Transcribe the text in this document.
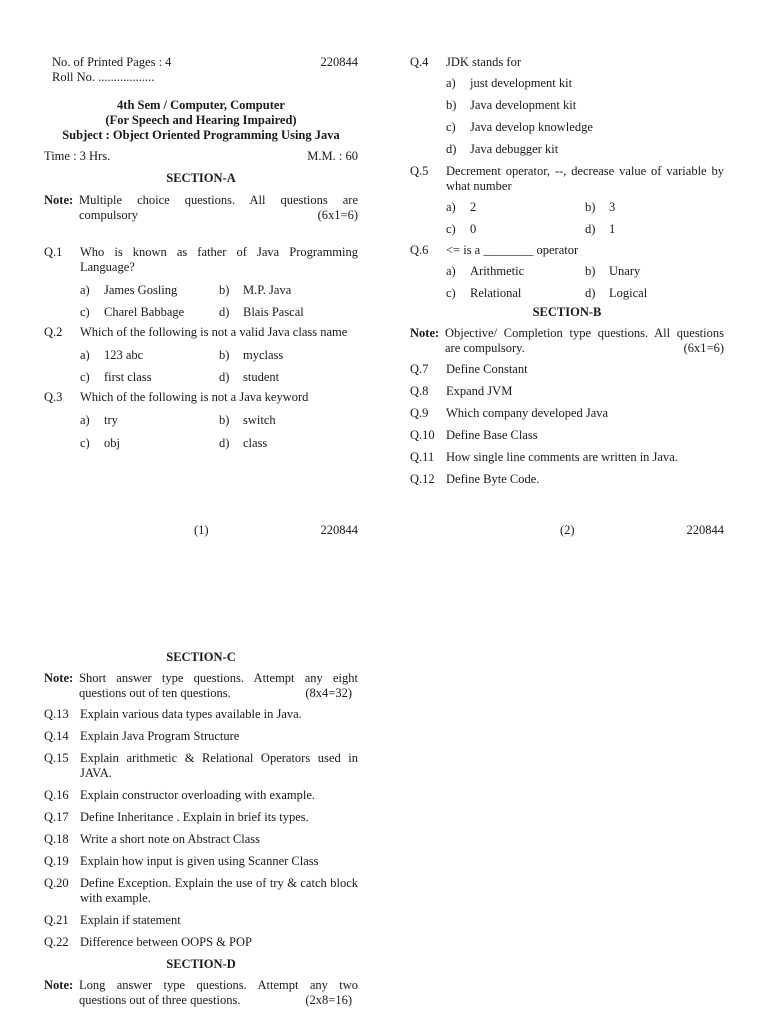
No. of Printed Pages : 4
Roll No. ..................
220844
4th Sem / Computer, Computer
(For Speech and Hearing Impaired)
Subject : Object Oriented Programming Using Java
Time : 3 Hrs.	M.M. : 60
SECTION-A
Note: Multiple choice questions. All questions are compulsory	(6x1=6)
Q.1	Who is known as father of Java Programming Language?
a)	James Gosling	b)	M.P. Java
c)	Charel Babbage	d)	Blais Pascal
Q.2	Which of the following is not a valid Java class name
a)	123 abc	b)	myclass
c)	first class	d)	student
Q.3	Which of the following is not a Java keyword
a)	try	b)	switch
c)	obj	d)	class
(1)	220844
Q.4	JDK stands for
a)	just development kit
b)	Java development kit
c)	Java develop knowledge
d)	Java debugger kit
Q.5	Decrement operator, --, decrease value of variable by what number
a)	2	b)	3
c)	0	d)	1
Q.6	<= is a ________ operator
a)	Arithmetic	b)	Unary
c)	Relational	d)	Logical
SECTION-B
Note: Objective/ Completion type questions. All questions are compulsory.	(6x1=6)
Q.7	Define Constant
Q.8	Expand JVM
Q.9	Which company developed Java
Q.10 Define Base Class
Q.11 How single line comments are written in Java.
Q.12 Define Byte Code.
(2)	220844
SECTION-C
Note: Short answer type questions. Attempt any eight questions out of ten questions.	(8x4=32)
Q.13 Explain various data types available in Java.
Q.14 Explain Java Program Structure
Q.15 Explain arithmetic & Relational Operators used in JAVA.
Q.16 Explain constructor overloading with example.
Q.17 Define Inheritance . Explain in brief its types.
Q.18 Write a short note on Abstract Class
Q.19 Explain how input is given using Scanner Class
Q.20 Define Exception. Explain the use of try & catch block with example.
Q.21 Explain if statement
Q.22 Difference between OOPS & POP
SECTION-D
Note: Long answer type questions. Attempt any two questions out of three questions.	(2x8=16)
